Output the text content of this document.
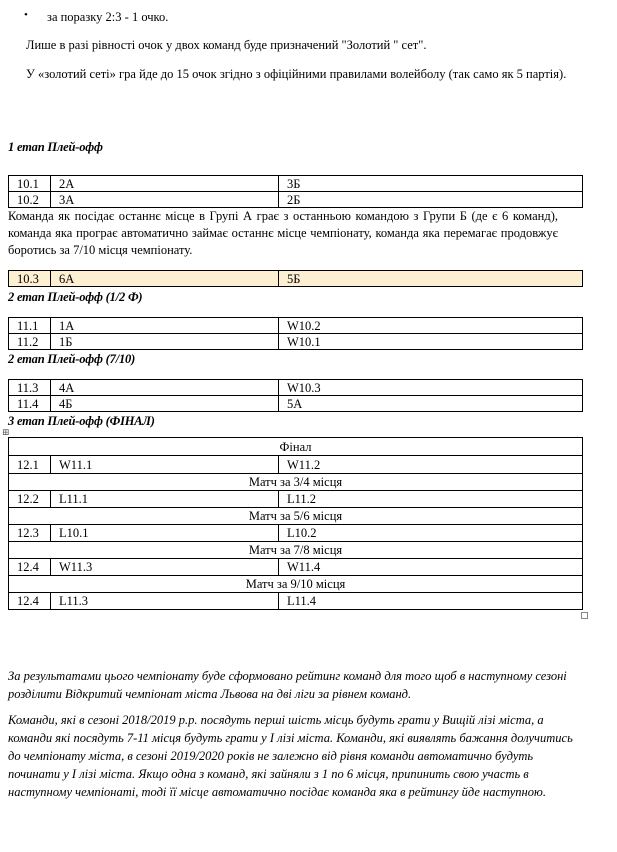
• за поразку 2:3 - 1 очко.
Лише в разі рівності очок у двох команд буде призначений "Золотий " сет".
У «золотий сеті» гра йде до 15 очок згідно з офіційними правилами волейболу (так само як 5 партія).
1 етап Плей-офф
10.1	2А	3Б
10.2	3А	2Б
Команда як посідає останнє місце в Групі А грає з останньою командою з Групи Б (де є 6 команд), команда яка програє автоматично займає останнє місце чемпіонату, команда яка перемагає продовжує боротись за 7/10 місця чемпіонату.
10.3	6А	5Б
2 етап Плей-офф (1/2 Ф)
11.1	1А	W10.2
11.2	1Б	W10.1
2 етап Плей-офф (7/10)
11.3	4А	W10.3
11.4	4Б	5А
3 етап Плей-офф (ФІНАЛ)
⊞
Фінал		
12.1	W11.1	W11.2
Матч за 3/4 місця		
12.2	L11.1	L11.2
Матч за 5/6 місця		
12.3	L10.1	L10.2
Матч за 7/8 місця		
12.4	W11.3	W11.4
Матч за 9/10 місця		
12.4	L11.3	L11.4
За результатами цього чемпіонату буде сформовано рейтинг команд для того щоб в наступному сезоні розділити Відкритий чемпіонат міста Львова на дві ліги за рівнем команд.
Команди, які в сезоні 2018/2019 р.р. посядуть перші шість місць будуть грати у Вищій лізі міста, а команди які посядуть 7-11 місця будуть грати у І лізі міста. Команди, які виявлять бажання долучитись до чемпіонату міста, в сезоні 2019/2020 років не залежно від рівня команди автоматично будуть починати у І лізі міста. Якщо одна з команд, які зайняли з 1 по 6 місця, припинить свою участь в наступному чемпіонаті, тоді її місце автоматично посідає команда яка в рейтингу йде наступною.
